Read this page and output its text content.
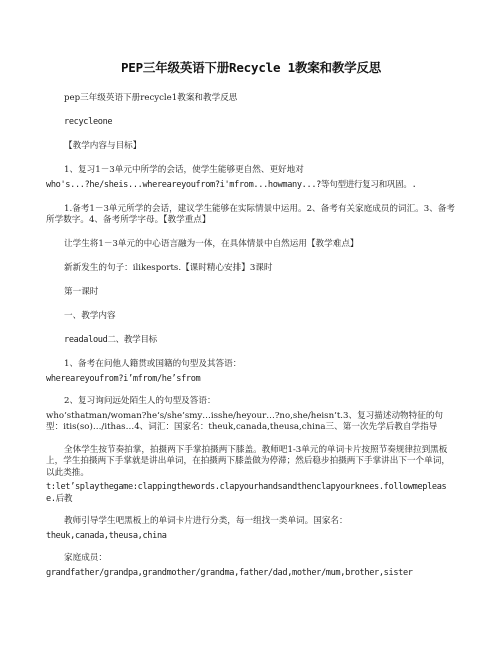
PEP三年级英语下册Recycle 1教案和教学反思
pep三年级英语下册recycle1教案和教学反思
recycleone
【教学内容与目标】
1、复习1－3单元中所学的会话，使学生能够更自然、更好地对
who's...?he/sheis...whereareyoufrom?i'mfrom...howmany...?等句型进行复习和巩固。.
1.备考1－3单元所学的会话，建议学生能够在实际情景中运用。2、备考有关家庭成员的词汇。3、备考所学数字。4、备考所学字母。【教学重点】
让学生将1－3单元的中心语言融为一体，在具体情景中自然运用【教学难点】
新新发生的句子：ilikesports.【课时精心安排】3课时
第一课时
一、教学内容
readaloud二、教学目标
1、备考在问他人籍贯或国籍的句型及其答语：
whereareyoufrom?i’mfrom/he’sfrom
2、复习询问远处陌生人的句型及答语：
who’sthatman/woman?he‘s/she’smy…isshe/heyour…?no,she/heisn’t.3、复习描述动物特征的句型：itis(so)…/ithas…4、词汇：国家名：theuk,canada,theusa,china三、第一次先学后教自学指导
全体学生按节奏拍掌，拍摄两下手掌拍摄两下膝盖。教师吧1-3单元的单词卡片按照节奏规律拉到黑板上，学生拍摄两下手掌就是讲出单词，在拍摄两下膝盖做为停滞；然后稳步拍摄两下手掌讲出下一个单词，以此类推。
t:let’splaythegame:clappingthewords.clapyourhandsandthenclapyourknees.followmeplease.后教
教师引导学生吧黑板上的单词卡片进行分类，每一组找一类单词。国家名：
theuk,canada,theusa,china
家庭成员：
grandfather/grandpa,grandmother/grandma,father/dad,mother/mum,brother,sister
